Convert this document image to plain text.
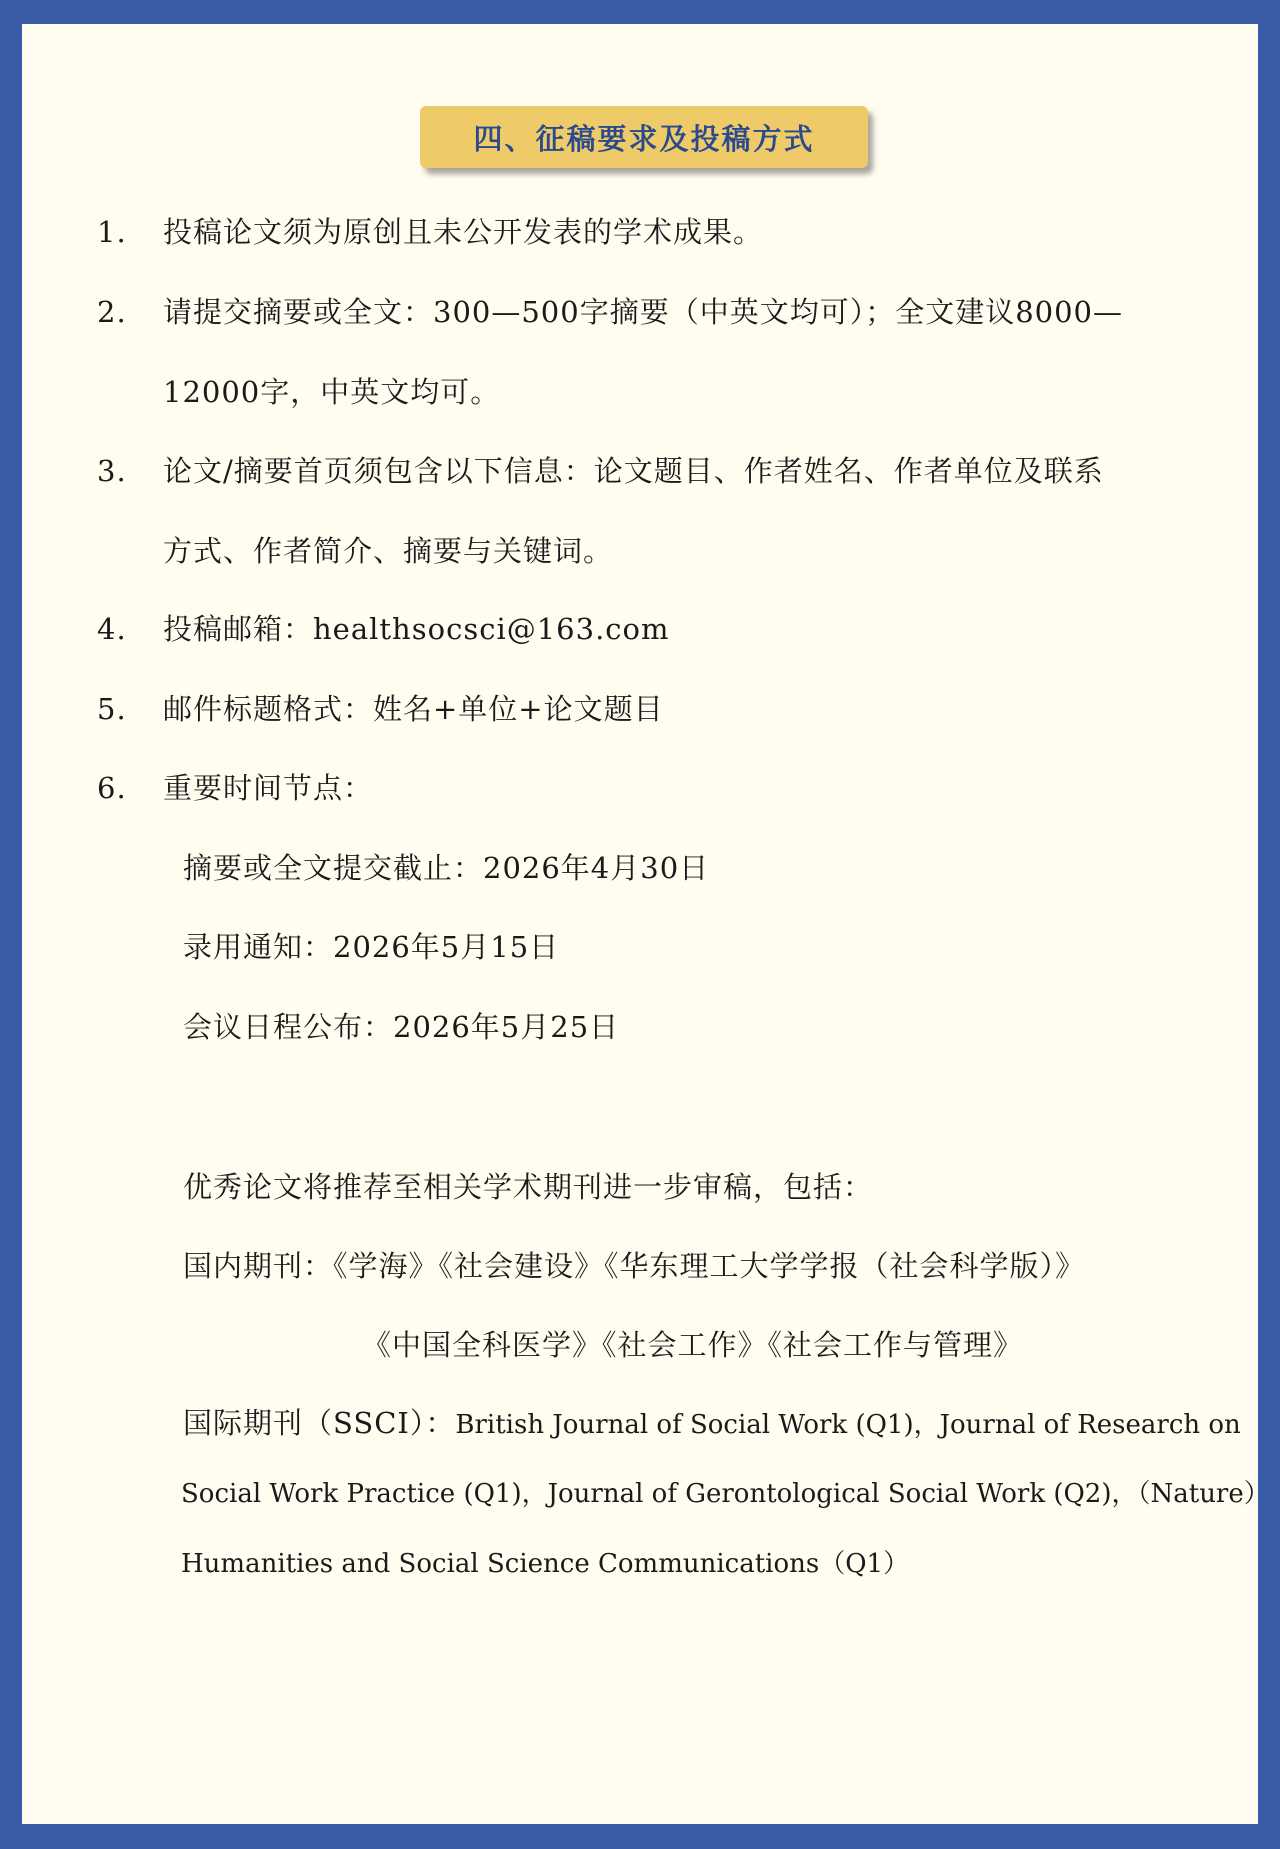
四、征稿要求及投稿方式
1. 投稿论文须为原创且未公开发表的学术成果。
2. 请提交摘要或全文：300—500字摘要（中英文均可）；全文建议8000—
12000字，中英文均可。
3. 论文/摘要首页须包含以下信息：论文题目、作者姓名、作者单位及联系
方式、作者简介、摘要与关键词。
4. 投稿邮箱：healthsocsci@163.com
5. 邮件标题格式：姓名+单位+论文题目
6. 重要时间节点：
摘要或全文提交截止：2026年4月30日
录用通知：2026年5月15日
会议日程公布：2026年5月25日
优秀论文将推荐至相关学术期刊进一步审稿，包括：
国内期刊：《学海》《社会建设》《华东理工大学学报（社会科学版）》
《中国全科医学》《社会工作》《社会工作与管理》
国际期刊（SSCI）：British Journal of Social Work (Q1)，Journal of Research on
Social Work Practice (Q1)，Journal of Gerontological Social Work (Q2)，（Nature）
Humanities and Social Science Communications（Q1）
